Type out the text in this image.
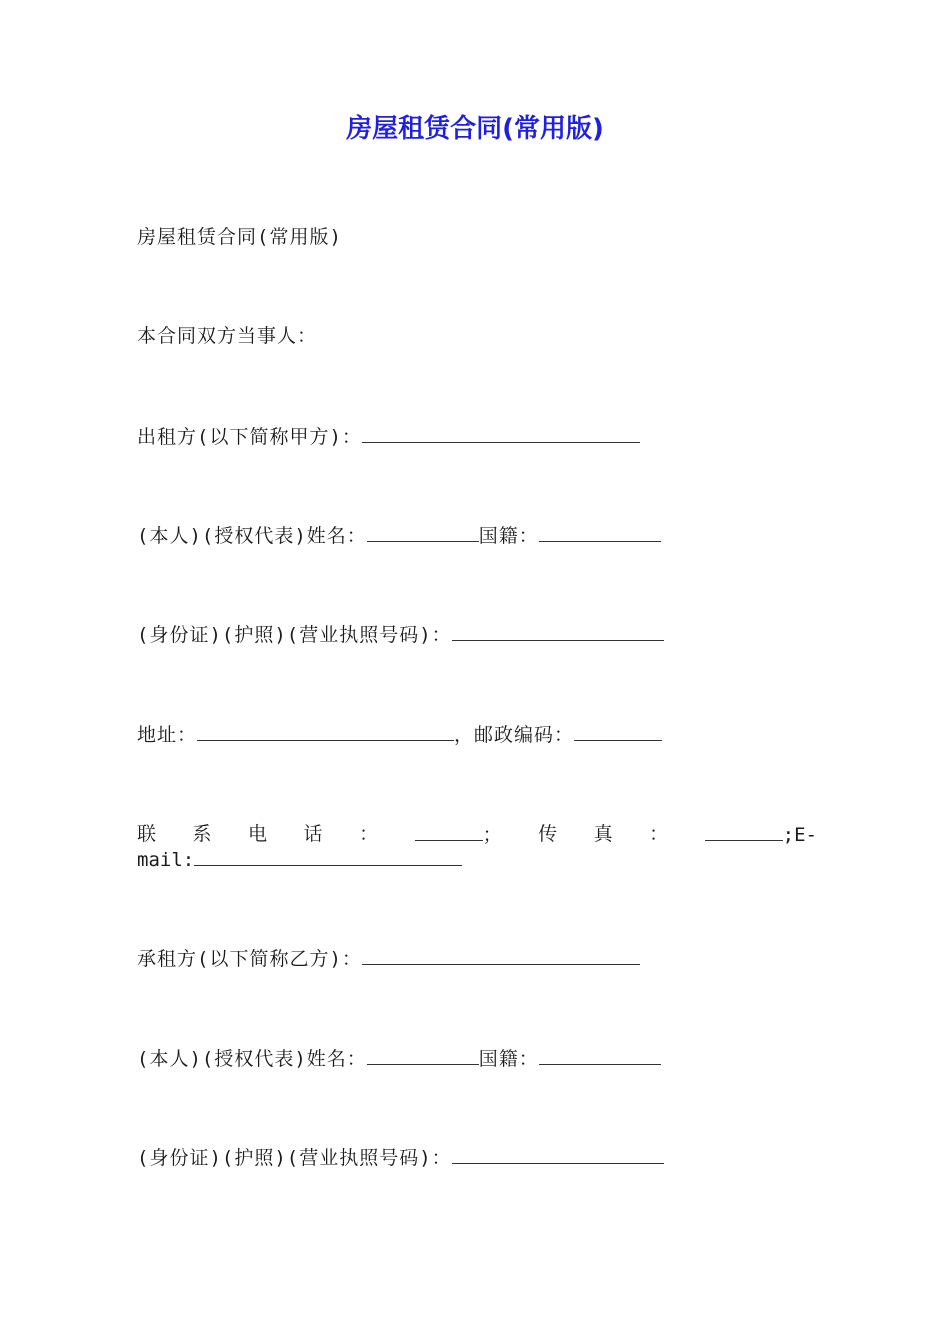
房屋租赁合同(常用版)
房屋租赁合同(常用版)
本合同双方当事人：
出租方(以下简称甲方)：
(本人)(授权代表)姓名：	国籍：
(身份证)(护照)(营业执照号码)：
地址：	，邮政编码：
联 系 电 话 ：	； 传 真 ：	;E-
mail:
承租方(以下简称乙方)：
(本人)(授权代表)姓名：	国籍：
(身份证)(护照)(营业执照号码)：
